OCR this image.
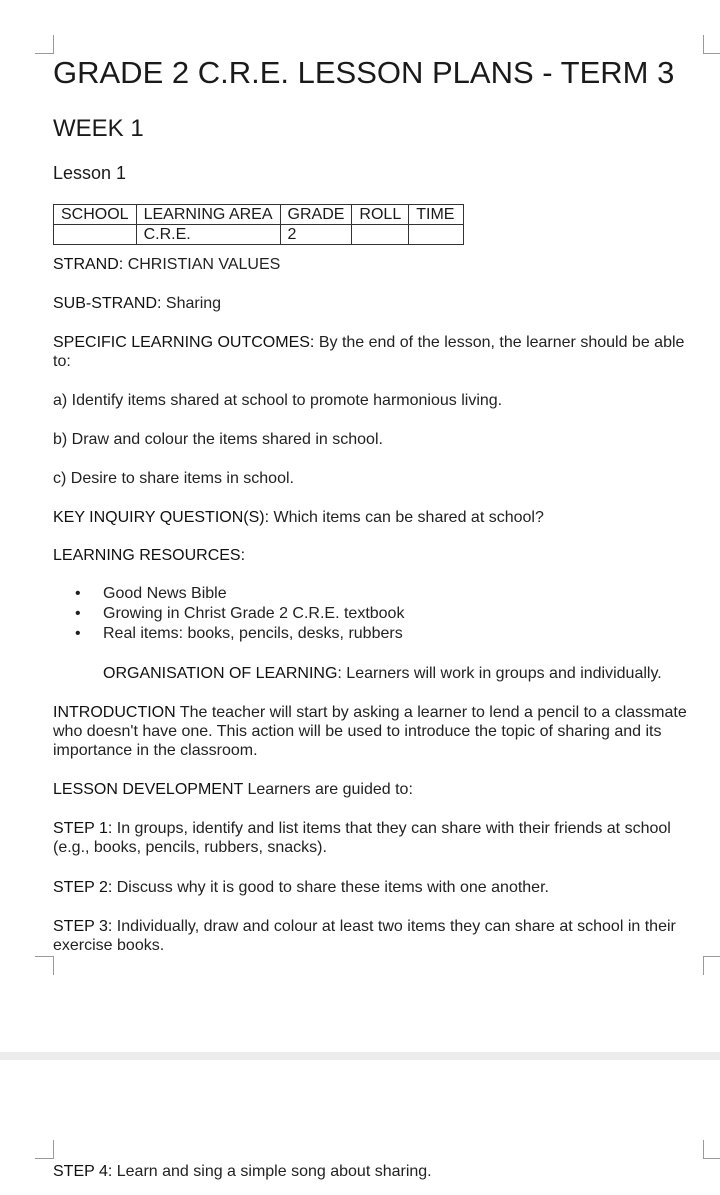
GRADE 2 C.R.E. LESSON PLANS - TERM 3
WEEK 1
Lesson 1
SCHOOL	LEARNING AREA	GRADE	ROLL	TIME
	C.R.E.	2		

STRAND: CHRISTIAN VALUES

SUB-STRAND: Sharing

SPECIFIC LEARNING OUTCOMES: By the end of the lesson, the learner should be able to:

a) Identify items shared at school to promote harmonious living.

b) Draw and colour the items shared in school.

c) Desire to share items in school.

KEY INQUIRY QUESTION(S): Which items can be shared at school?

LEARNING RESOURCES:

• Good News Bible
• Growing in Christ Grade 2 C.R.E. textbook
• Real items: books, pencils, desks, rubbers

ORGANISATION OF LEARNING: Learners will work in groups and individually.

INTRODUCTION The teacher will start by asking a learner to lend a pencil to a classmate who doesn't have one. This action will be used to introduce the topic of sharing and its importance in the classroom.

LESSON DEVELOPMENT Learners are guided to:

STEP 1: In groups, identify and list items that they can share with their friends at school (e.g., books, pencils, rubbers, snacks).

STEP 2: Discuss why it is good to share these items with one another.

STEP 3: Individually, draw and colour at least two items they can share at school in their exercise books.

STEP 4: Learn and sing a simple song about sharing.
